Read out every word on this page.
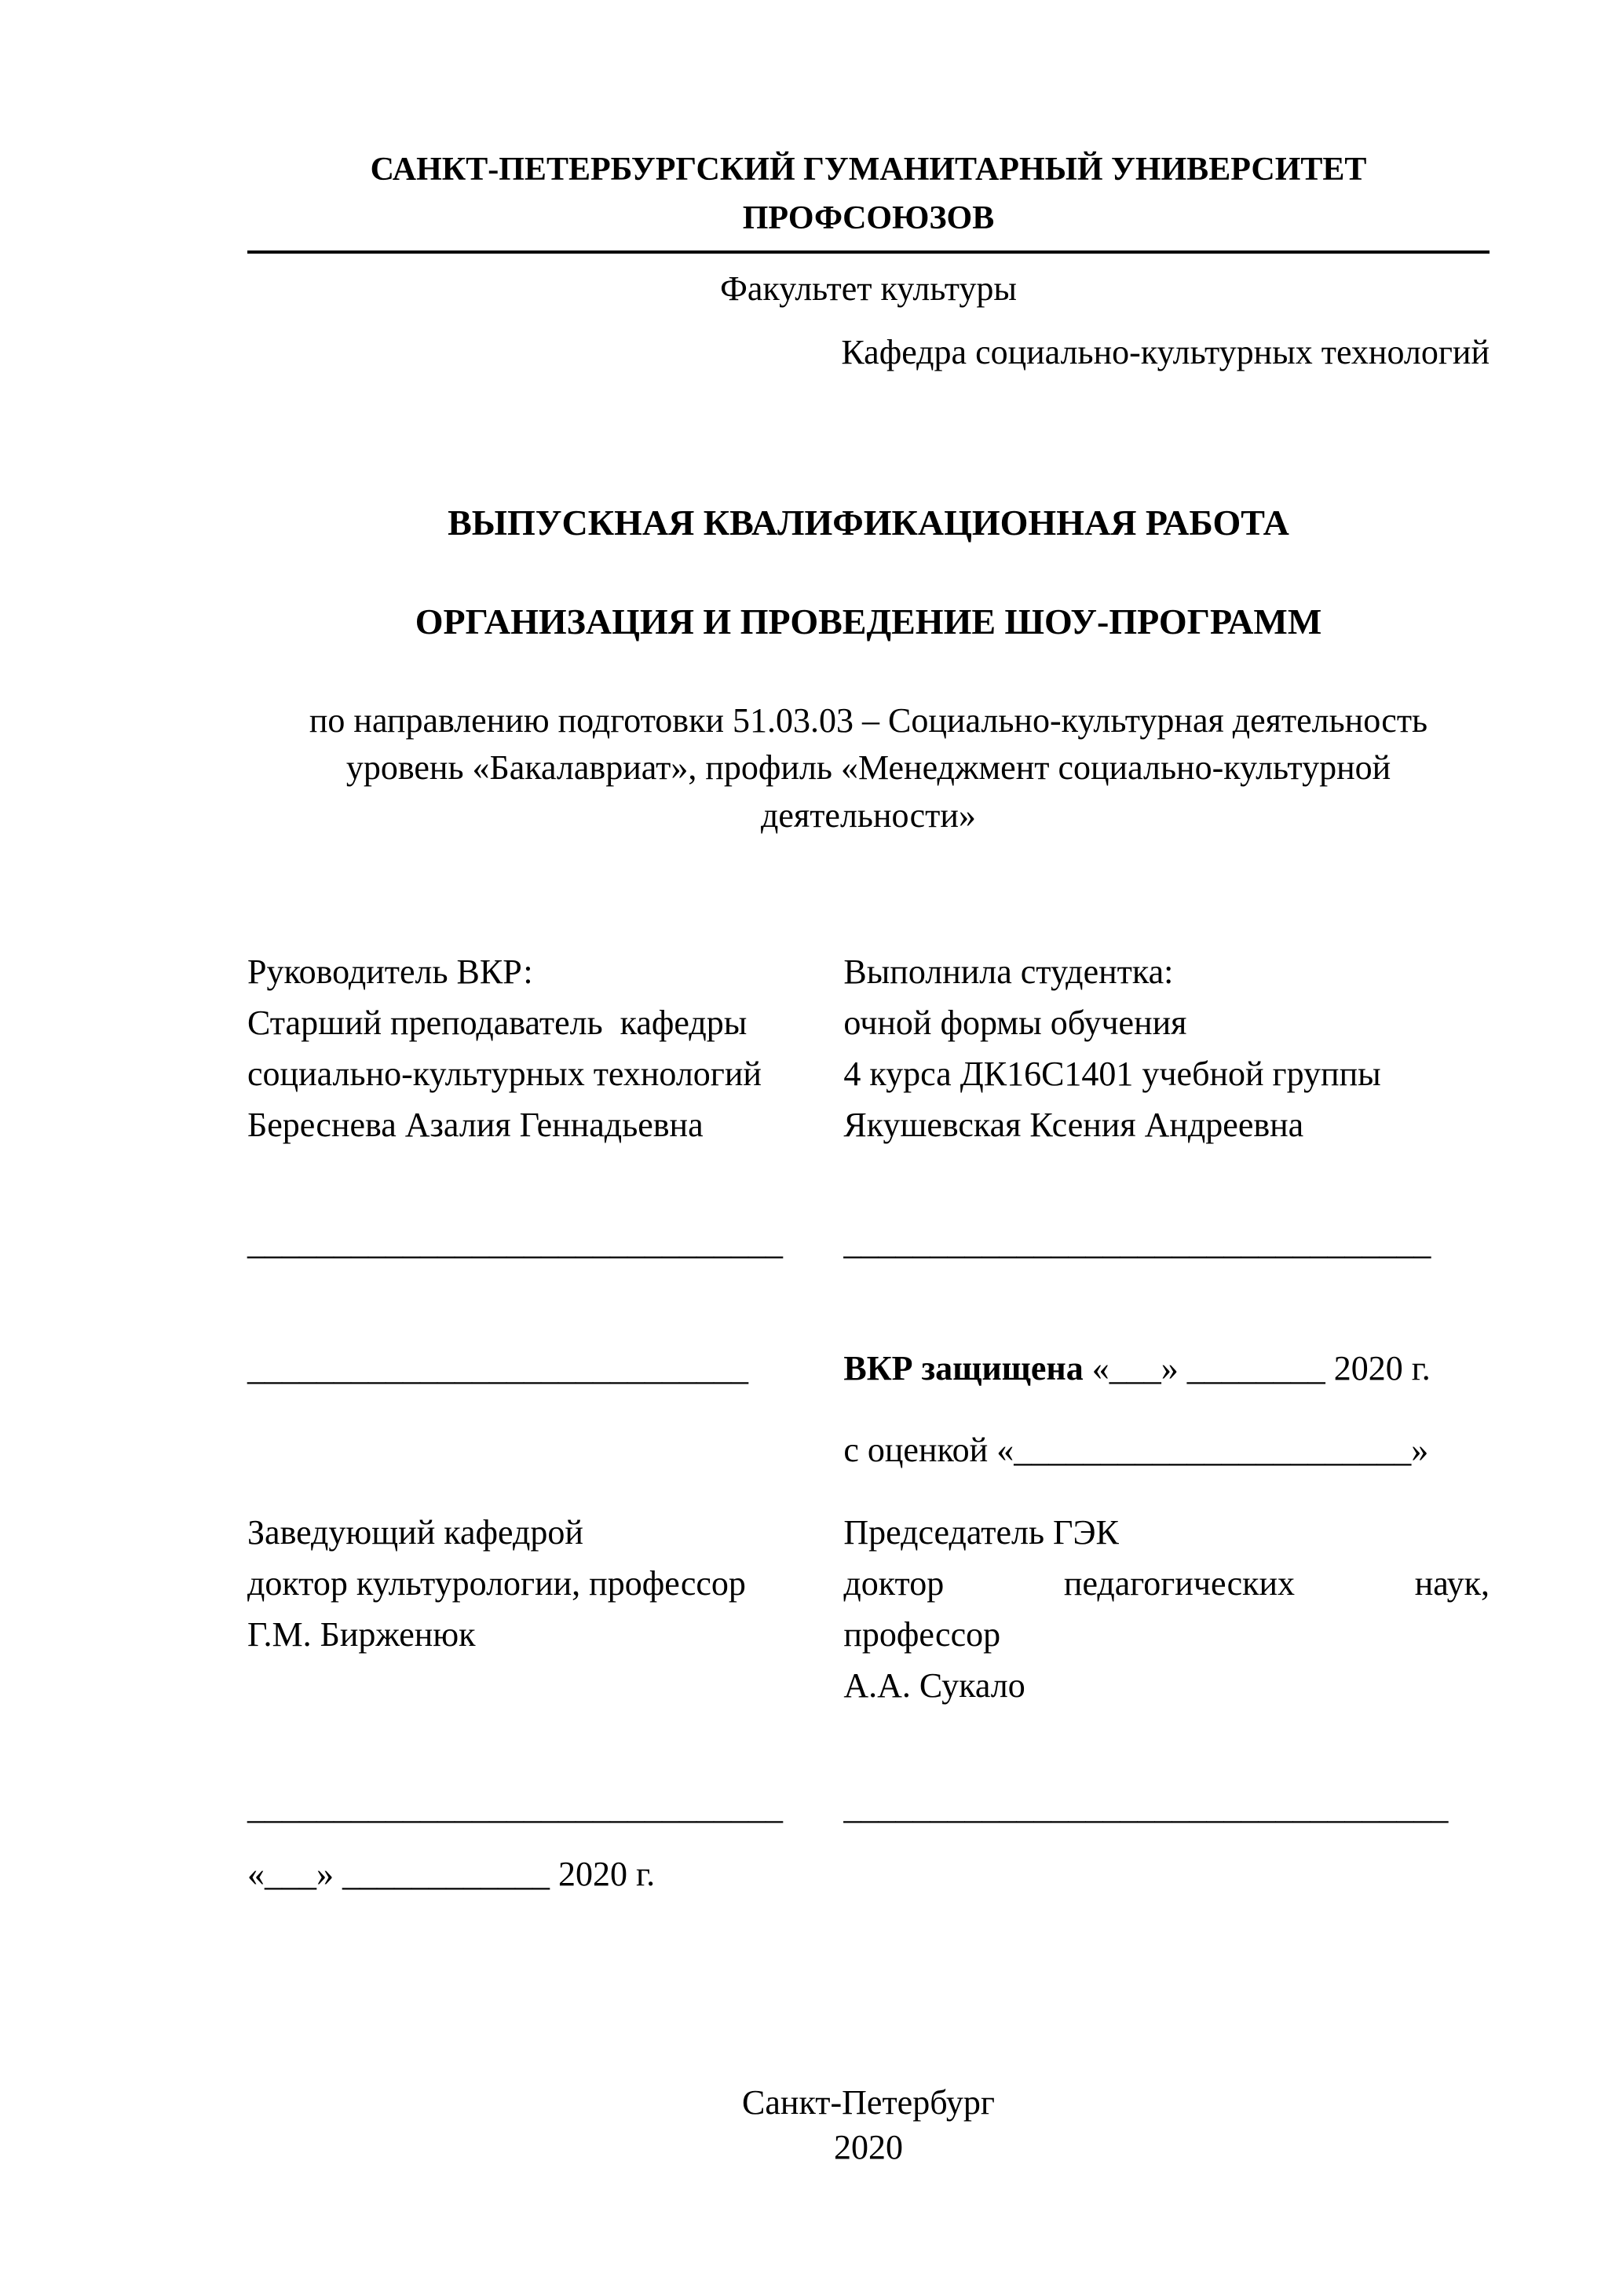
САНКТ-ПЕТЕРБУРГСКИЙ ГУМАНИТАРНЫЙ УНИВЕРСИТЕТ ПРОФСОЮЗОВ
Факультет культуры
Кафедра социально-культурных технологий
ВЫПУСКНАЯ КВАЛИФИКАЦИОННАЯ РАБОТА
ОРГАНИЗАЦИЯ И ПРОВЕДЕНИЕ ШОУ-ПРОГРАММ
по направлению подготовки 51.03.03 – Социально-культурная деятельность
уровень «Бакалавриат», профиль «Менеджмент социально-культурной
деятельности»
Руководитель ВКР:
Старший преподаватель  кафедры
социально-культурных технологий
Береснева Азалия Геннадьевна
Выполнила студентка:
очной формы обучения
4 курса ДК16С1401 учебной группы
Якушевская Ксения Андреевна
_______________________________	__________________________________
_____________________________	ВКР защищена «___» ________ 2020 г.
с оценкой «_______________________»
Заведующий кафедрой
доктор культурологии, профессор
Г.М. Бирженюк
Председатель ГЭК
доктор педагогических наук,
профессор
А.А. Сукало
_______________________________	___________________________________
«___» ____________ 2020 г.
Санкт-Петербург
2020
